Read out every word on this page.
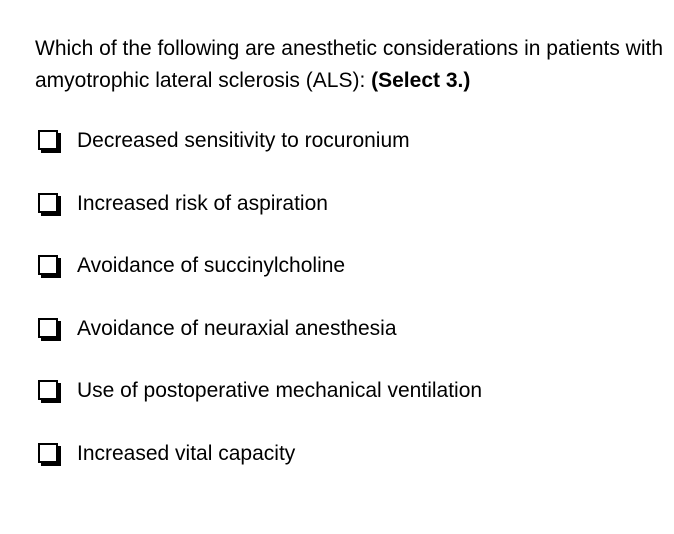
Which of the following are anesthetic considerations in patients with amyotrophic lateral sclerosis (ALS): (Select 3.)

Decreased sensitivity to rocuronium
Increased risk of aspiration
Avoidance of succinylcholine
Avoidance of neuraxial anesthesia
Use of postoperative mechanical ventilation
Increased vital capacity
